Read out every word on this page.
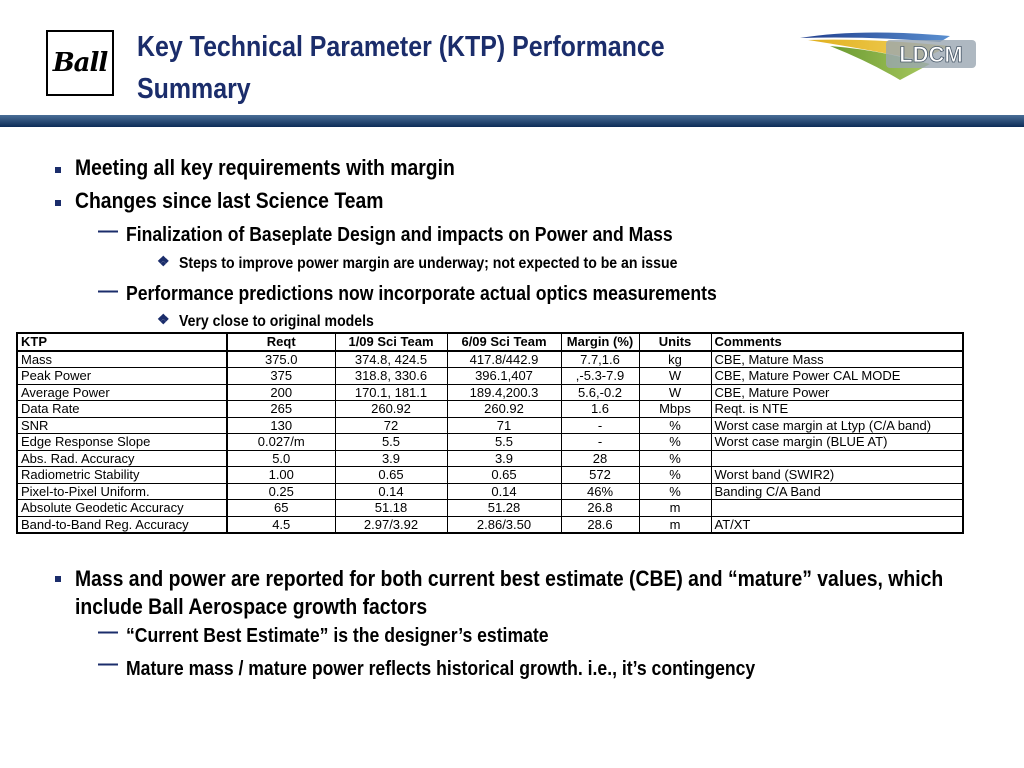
Ball Key Technical Parameter (KTP) Performance
Summary
LDCM
Meeting all key requirements with margin
Changes since last Science Team
— Finalization of Baseplate Design and impacts on Power and Mass
❖ Steps to improve power margin are underway; not expected to be an issue
— Performance predictions now incorporate actual optics measurements
❖ Very close to original models
KTP	Reqt	1/09 Sci Team	6/09 Sci Team	Margin (%)	Units	Comments
Mass	375.0	374.8, 424.5	417.8/442.9	7.7,1.6	kg	CBE, Mature Mass
Peak Power	375	318.8, 330.6	396.1,407	,-5.3-7.9	W	CBE, Mature Power CAL MODE
Average Power	200	170.1, 181.1	189.4,200.3	5.6,-0.2	W	CBE, Mature Power
Data Rate	265	260.92	260.92	1.6	Mbps	Reqt. is NTE
SNR	130	72	71	-	%	Worst case margin at Ltyp (C/A band)
Edge Response Slope	0.027/m	5.5	5.5	-	%	Worst case margin (BLUE AT)
Abs. Rad. Accuracy	5.0	3.9	3.9	28	%	
Radiometric Stability	1.00	0.65	0.65	572	%	Worst band (SWIR2)
Pixel-to-Pixel Uniform.	0.25	0.14	0.14	46%	%	Banding C/A Band
Absolute Geodetic Accuracy	65	51.18	51.28	26.8	m	
Band-to-Band Reg. Accuracy	4.5	2.97/3.92	2.86/3.50	28.6	m	AT/XT
Mass and power are reported for both current best estimate (CBE) and “mature” values, which include Ball Aerospace growth factors
— “Current Best Estimate” is the designer’s estimate
— Mature mass / mature power reflects historical growth. i.e., it’s contingency
